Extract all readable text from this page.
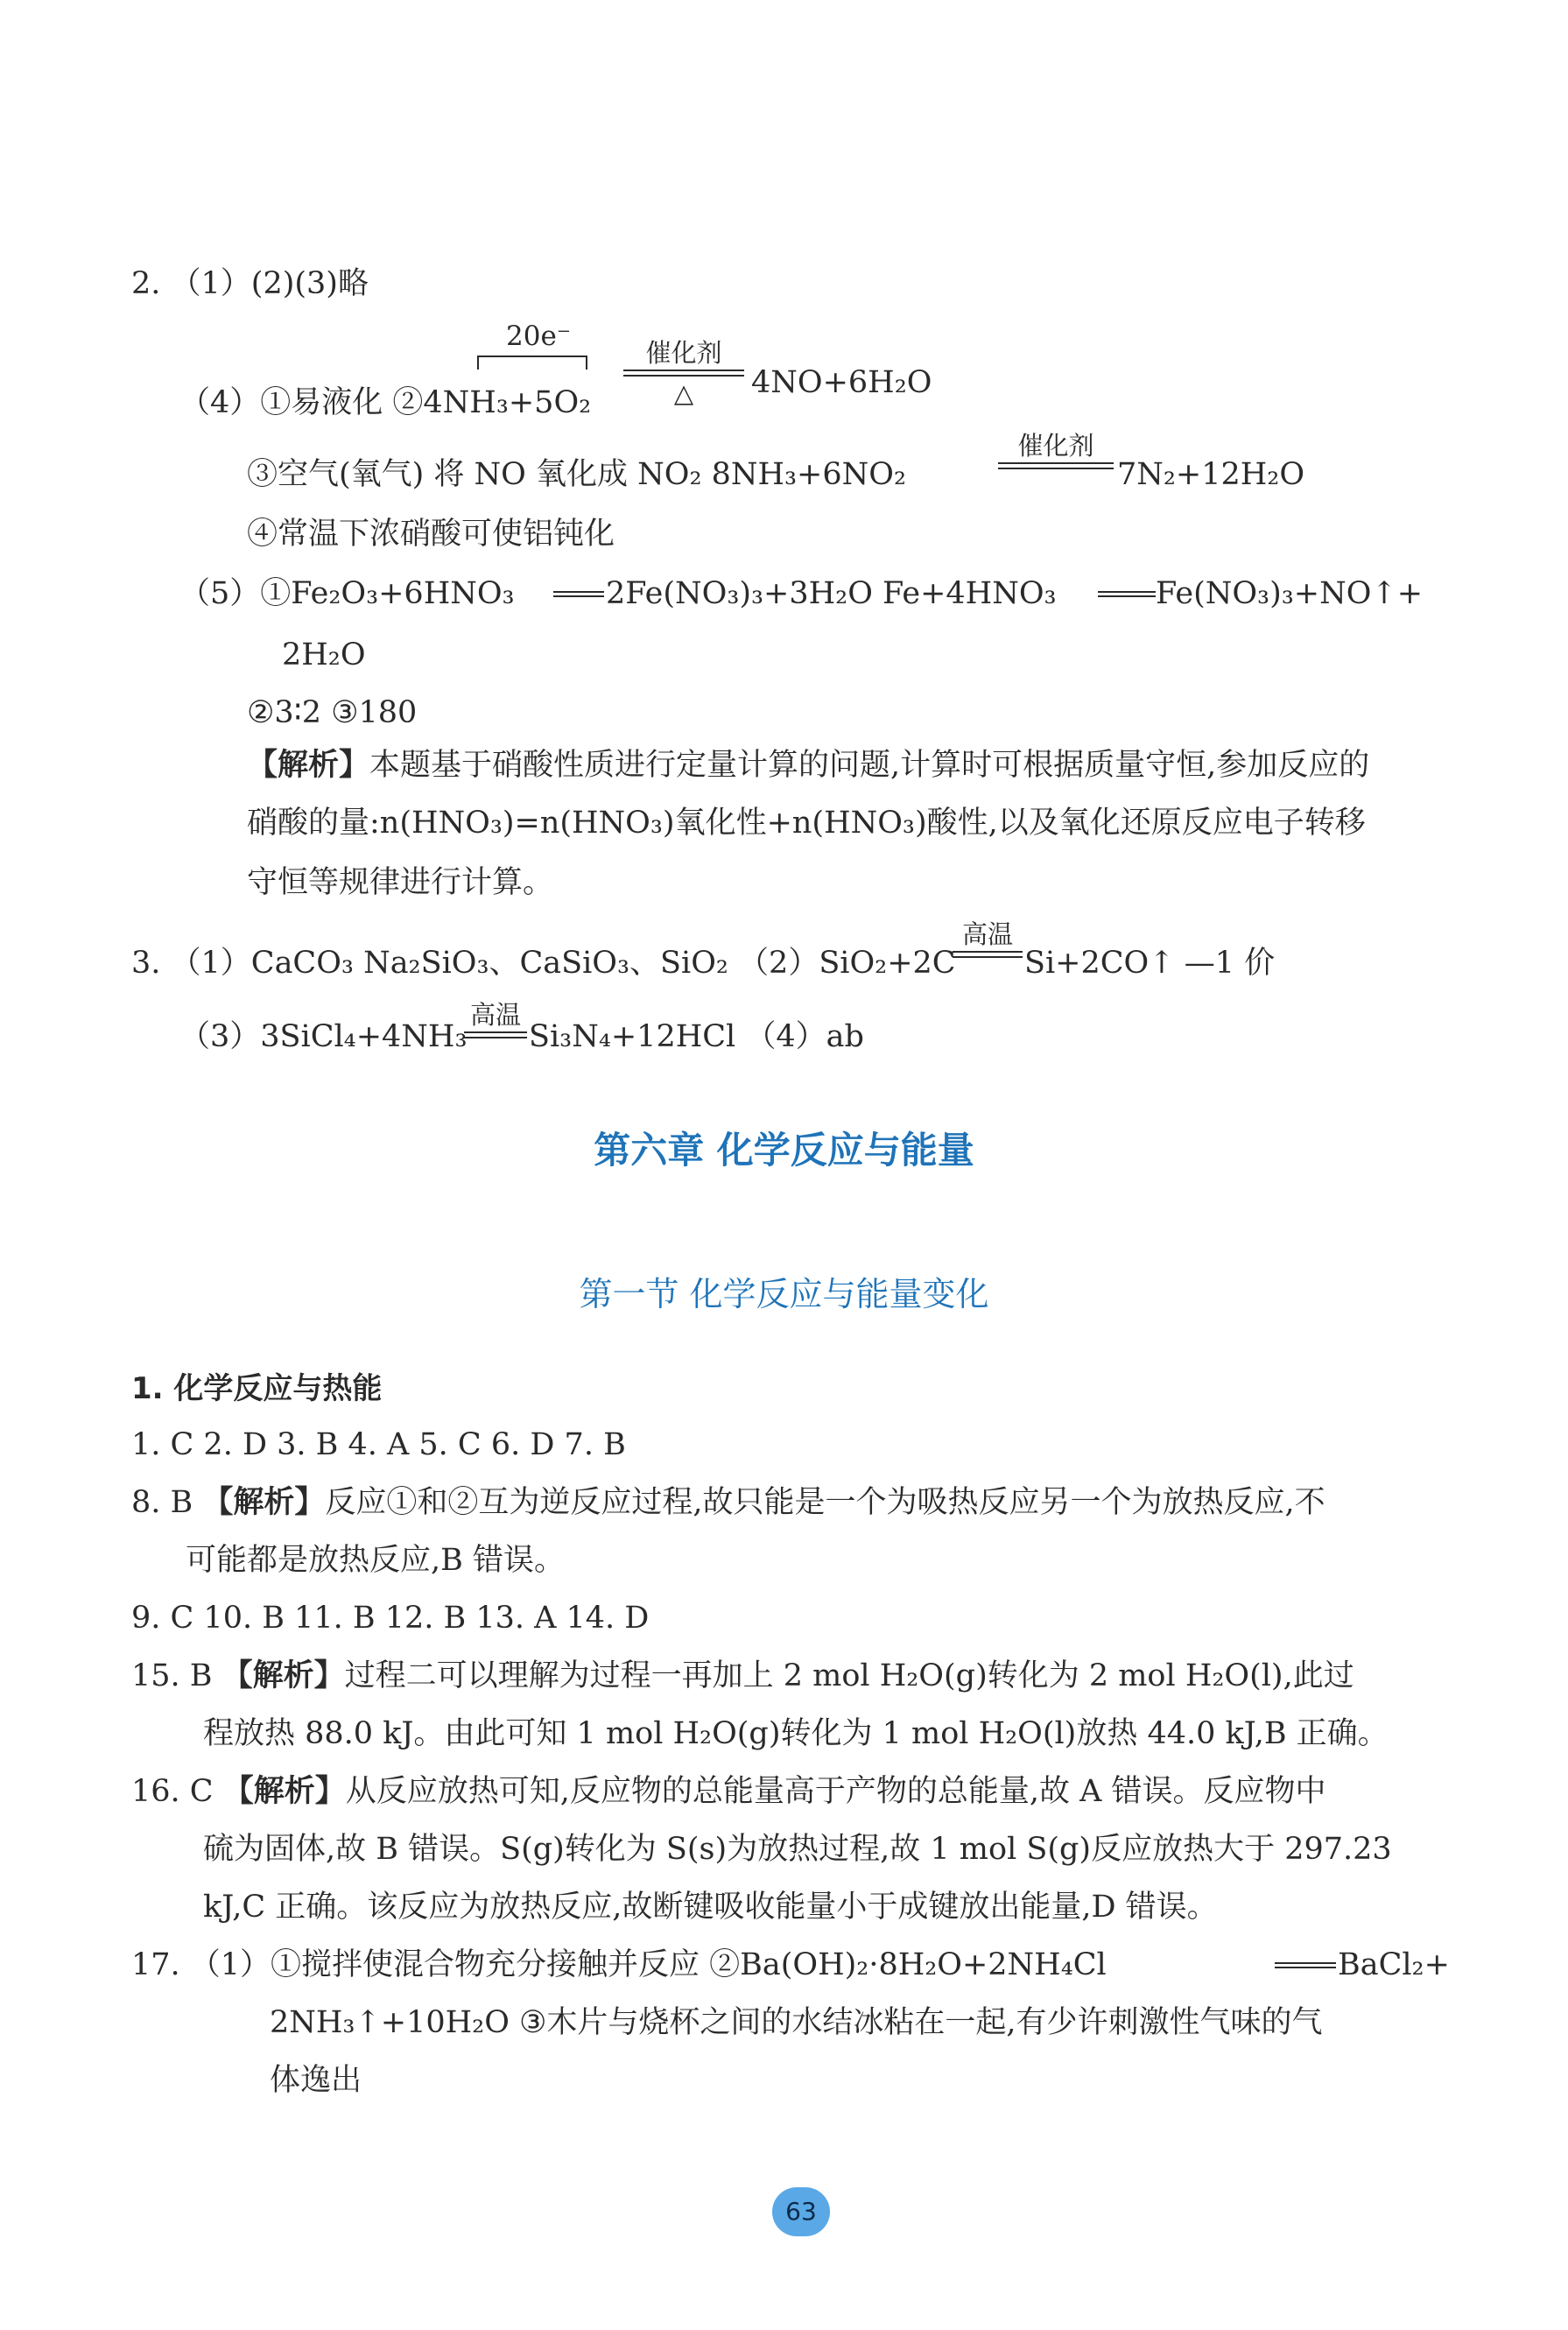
2. （1）(2)(3)略
20e⁻
（4）①易液化 ②4NH₃+5O₂
催化剂
△	4NO+6H₂O
③空气(氧气) 将 NO 氧化成 NO₂ 8NH₃+6NO₂
催化剂
7N₂+12H₂O
④常温下浓硝酸可使铝钝化
（5）①Fe₂O₃+6HNO₃	2Fe(NO₃)₃+3H₂O Fe+4HNO₃	Fe(NO₃)₃+NO↑+
2H₂O
②3∶2 ③180
【解析】本题基于硝酸性质进行定量计算的问题,计算时可根据质量守恒,参加反应的
硝酸的量:n(HNO₃)=n(HNO₃)氧化性+n(HNO₃)酸性,以及氧化还原反应电子转移
守恒等规律进行计算。
3. （1）CaCO₃ Na₂SiO₃、CaSiO₃、SiO₂ （2）SiO₂+2C
高温
Si+2CO↑ —1 价
（3）3SiCl₄+4NH₃
高温
Si₃N₄+12HCl （4）ab
第六章 化学反应与能量
第一节 化学反应与能量变化
1. 化学反应与热能
1. C 2. D 3. B 4. A 5. C 6. D 7. B
8. B 【解析】反应①和②互为逆反应过程,故只能是一个为吸热反应另一个为放热反应,不
可能都是放热反应,B 错误。
9. C 10. B 11. B 12. B 13. A 14. D
15. B 【解析】过程二可以理解为过程一再加上 2 mol H₂O(g)转化为 2 mol H₂O(l),此过
程放热 88.0 kJ。由此可知 1 mol H₂O(g)转化为 1 mol H₂O(l)放热 44.0 kJ,B 正确。
16. C 【解析】从反应放热可知,反应物的总能量高于产物的总能量,故 A 错误。反应物中
硫为固体,故 B 错误。S(g)转化为 S(s)为放热过程,故 1 mol S(g)反应放热大于 297.23
kJ,C 正确。该反应为放热反应,故断键吸收能量小于成键放出能量,D 错误。
17. （1）①搅拌使混合物充分接触并反应 ②Ba(OH)₂·8H₂O+2NH₄Cl	BaCl₂+
2NH₃↑+10H₂O ③木片与烧杯之间的水结冰粘在一起,有少许刺激性气味的气
体逸出
63
